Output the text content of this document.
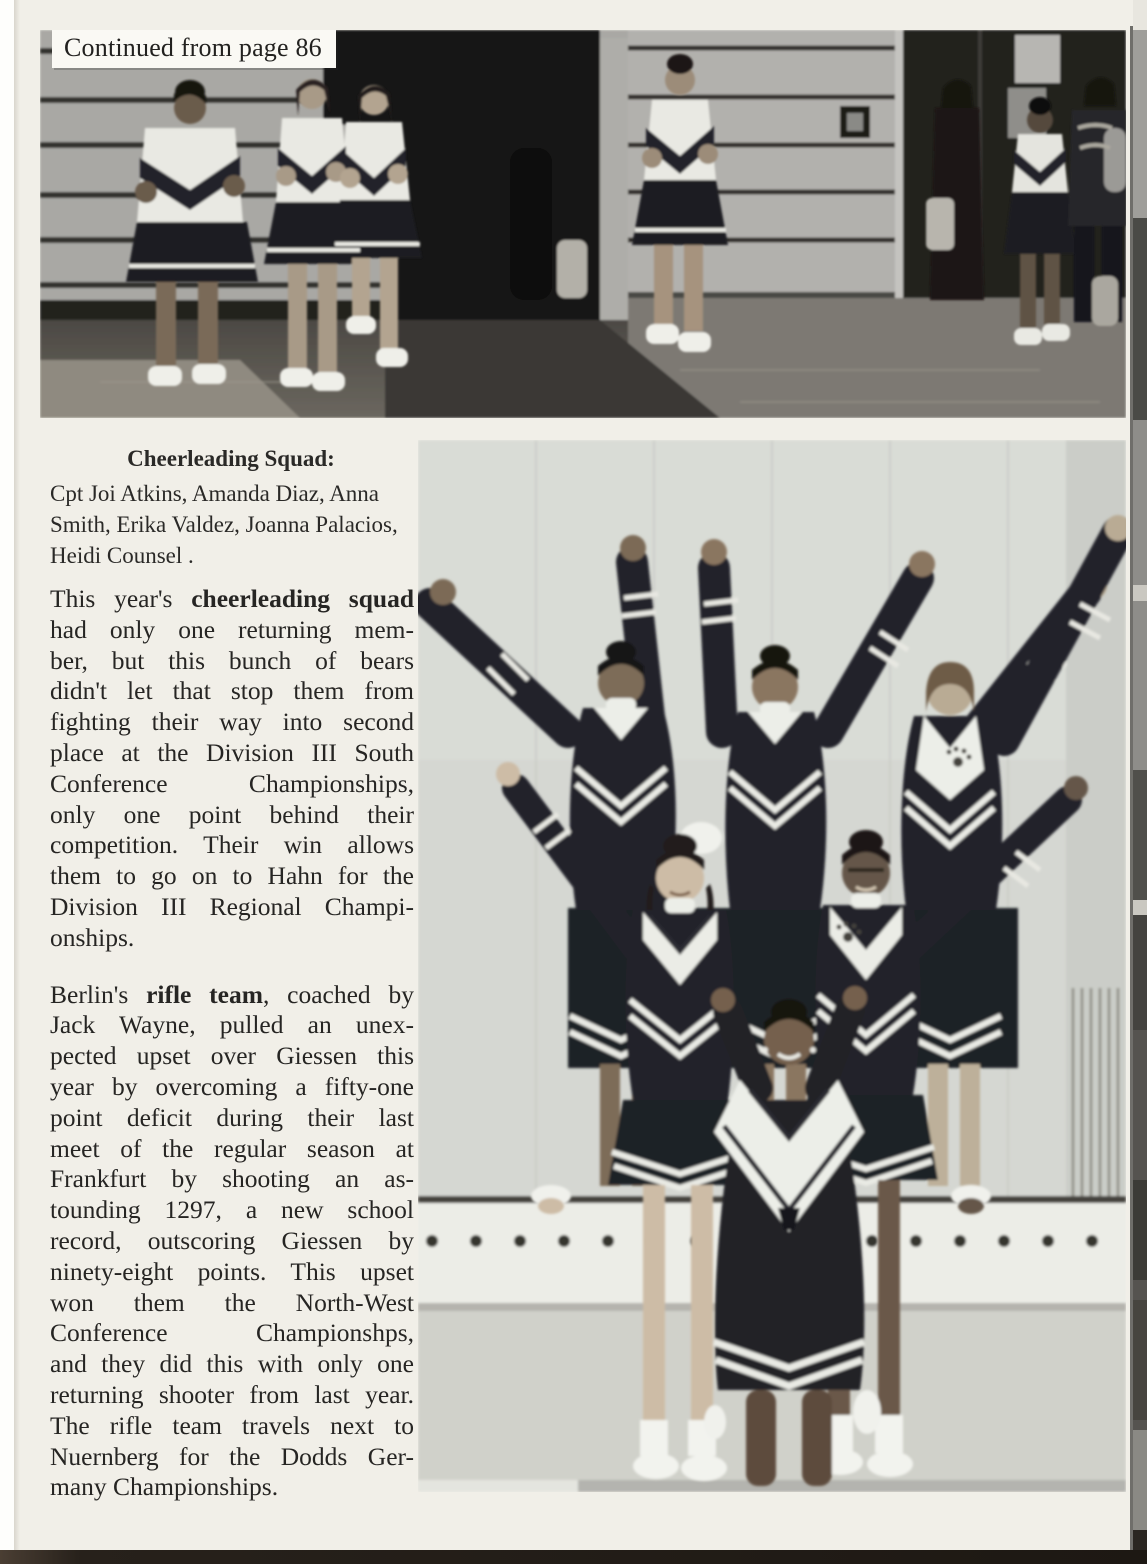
Continued from page 86
Cheerleading Squad:
Cpt Joi Atkins, Amanda Diaz, Anna
Smith, Erika Valdez, Joanna Palacios,
Heidi Counsel .
This year's cheerleading squad
had only one returning mem-
ber, but this bunch of bears
didn't let that stop them from
fighting their way into second
place at the Division III South
Conference Championships,
only one point behind their
competition. Their win allows
them to go on to Hahn for the
Division III Regional Champi-
onships.
Berlin's rifle team, coached by
Jack Wayne, pulled an unex-
pected upset over Giessen this
year by overcoming a fifty-one
point deficit during their last
meet of the regular season at
Frankfurt by shooting an as-
tounding 1297, a new school
record, outscoring Giessen by
ninety-eight points. This upset
won them the North-West
Conference Championshps,
and they did this with only one
returning shooter from last year.
The rifle team travels next to
Nuernberg for the Dodds Ger-
many Championships.
